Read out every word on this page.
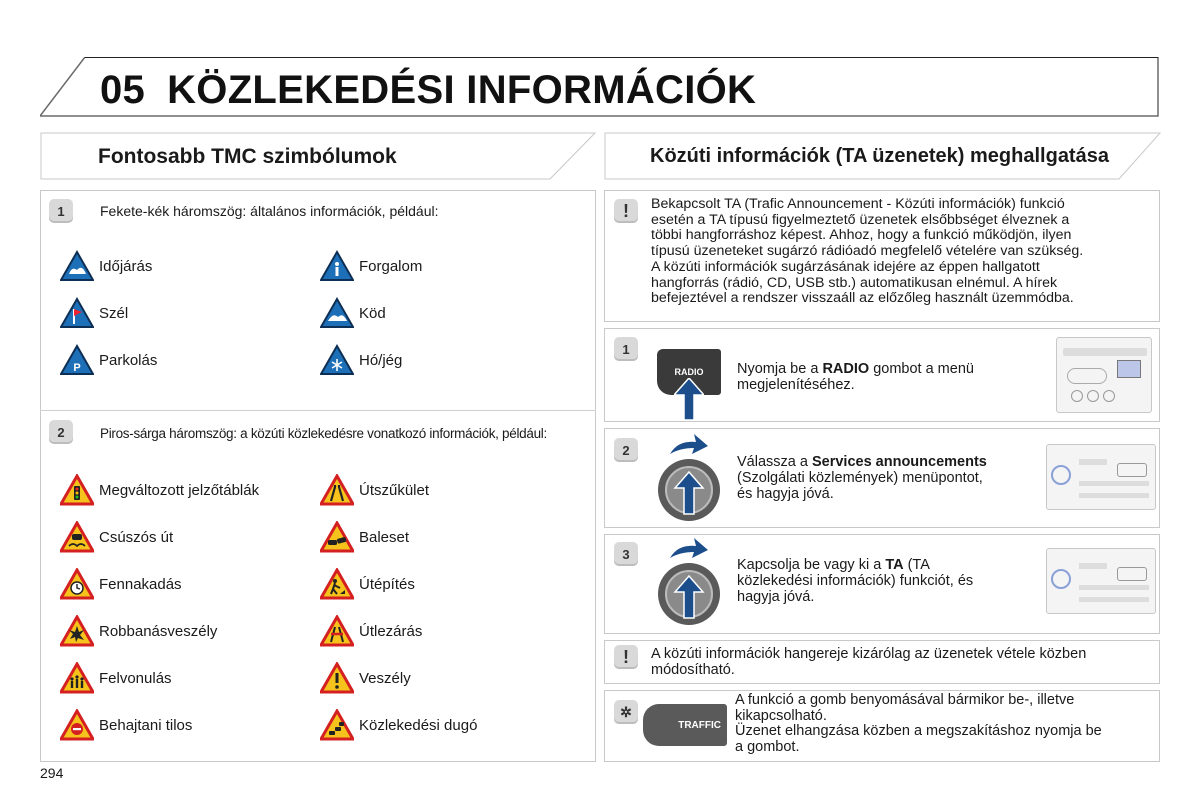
05 KÖZLEKEDÉSI INFORMÁCIÓK
Fontosabb TMC szimbólumok	Közúti információk (TA üzenetek) meghallgatása
1	Fekete-kék háromszög: általános információk, például:
Időjárás	Forgalom
Szél	Köd
P Parkolás	Hó/jég
2	Piros-sárga háromszög: a közúti közlekedésre vonatkozó információk, például:
Megváltozott jelzőtáblák	Útszűkület
Csúszós út	Baleset
Fennakadás	Útépítés
Robbanásveszély	Útlezárás
Felvonulás	Veszély
Behajtani tilos	Közlekedési dugó
!	Bekapcsolt TA (Trafic Announcement - Közúti információk) funkció
esetén a TA típusú figyelmeztető üzenetek elsőbbséget élveznek a
többi hangforráshoz képest. Ahhoz, hogy a funkció működjön, ilyen
típusú üzeneteket sugárzó rádióadó megfelelő vételére van szükség.
A közúti információk sugárzásának idejére az éppen hallgatott
hangforrás (rádió, CD, USB stb.) automatikusan elnémul. A hírek
befejeztével a rendszer visszaáll az előzőleg használt üzemmódba.
1
RADIO	Nyomja be a RADIO gombot a menü
megjelenítéséhez.
2
Válassza a Services announcements
(Szolgálati közlemények) menüpontot,
és hagyja jóvá.
3
Kapcsolja be vagy ki a TA (TA
közlekedési információk) funkciót, és
hagyja jóvá.
!	A közúti információk hangereje kizárólag az üzenetek vétele közben
módosítható.
✲
TRAFFIC
A funkció a gomb benyomásával bármikor be-, illetve
kikapcsolható.
Üzenet elhangzása közben a megszakításhoz nyomja be
a gombot.
294
